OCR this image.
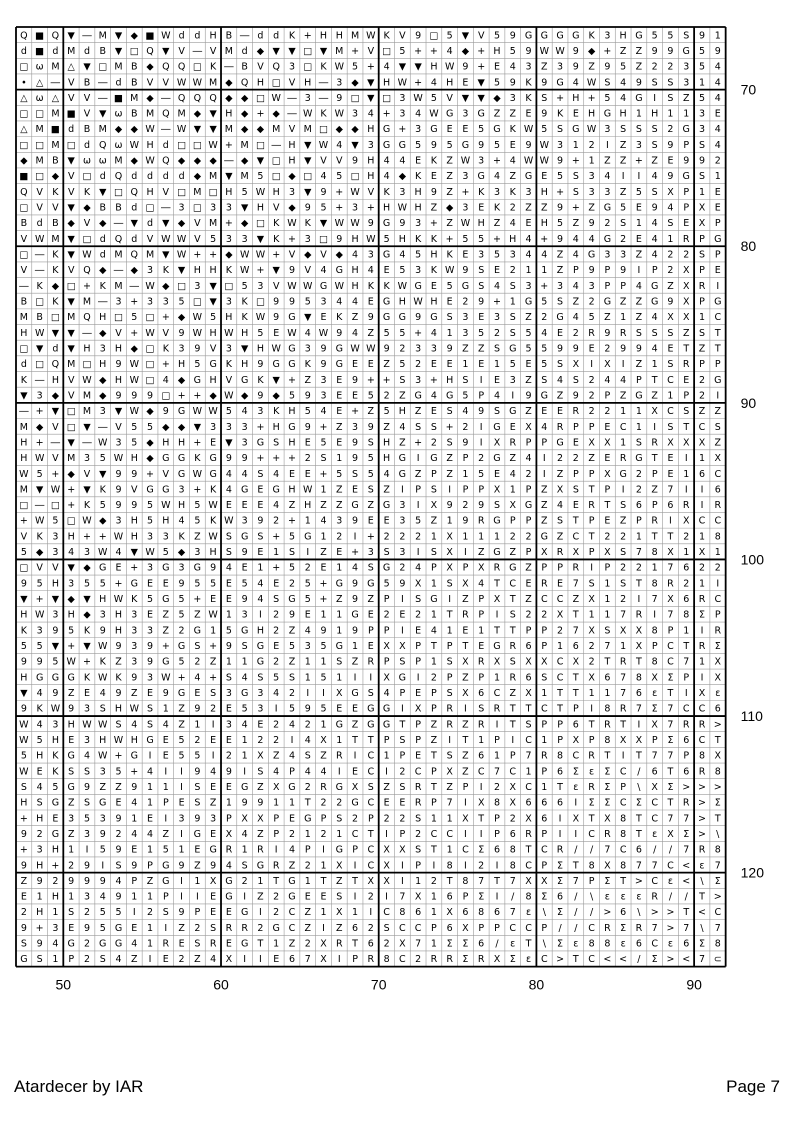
Q ■ Q ▼ ― M ▼ ◆ ■ W d d H B ― d d K + H H M W K V 9 □ 5 ▼ V 5 9 G G G G K 3 H G 5 5 S 9 1
d ■ d M d B ▼ □ Q ▼ V ― V M d ◆ ▼ ▼ □ ▼ M + V □ 5 + + 4 ◆ + H 5 9 W W 9 ◆ + Z Z 9 9 G 5 9
□ ω M △ ▼ □ M B ◆ Q Q □ K ― B V Q 3 □ K W 5 + 4 ▼ ▼ H W 9 + E 4 3 Z 3 9 Z 9 5 Z 2 2 3 5 4
• △ ― V B ― d B V V W W M ◆ Q H □ V H ― 3 ◆ ▼ H W + 4 H E ▼ 5 9 K 9 G 4 W S 4 9 S S 3 1 4
△ ω △ V V ― ■ M ◆ ― Q Q Q ◆ ◆ □ W ― 3 ― 9 □ ▼ □ 3 W 5 V ▼ ▼ ◆ 3 K S + H + 5 4 G I S Z 5 4
□ □ M ■ V ▼ ω B M Q M ◆ ▼ H ◆ + ◆ ― W K W 3 4 + 3 4 W G 3 G Z Z E 9 K E H G H 1 H 1 1 3 E
△ M ■ d B M ◆ ◆ W ― W ▼ ▼ M ◆ ◆ M V M □ ◆ ◆ H G + 3 G E E 5 G K W 5 S G W 3 S S S 2 G 3 4
□ □ M □ d Q ω W H d □ □ W + M □ ― H ▼ W 4 ▼ 3 G G 5 9 5 G 9 5 E 9 W 3 1 2 I Z 3 S 9 P S 4
◆ M B ▼ ω ω M ◆ W Q ◆ ◆ ◆ ― ◆ ▼ □ H ▼ V V 9 H 4 4 E K Z W 3 + 4 W W 9 + 1 Z Z + Z E 9 9 2
■ □ ◆ V □ d Q d d d d ◆ M ▼ M 5 □ ◆ □ 4 5 □ H 4 ◆ K E Z 3 G 4 Z G E 5 S 3 4 I I 4 9 G S 1
Q V K V K ▼ □ Q H V □ M □ H 5 W H 3 ▼ 9 + W V K 3 H 9 Z + K 3 K 3 H + S 3 3 Z 5 S X P 1 E
□ V V ▼ ◆ B B d □ ― 3 □ 3 3 ▼ H V ◆ 9 5 + 3 + H W H Z ◆ 3 E K 2 Z Z 9 + Z G 5 E 9 4 P X E
B d B ◆ V ◆ ― ▼ d ▼ ◆ V M + ◆ □ K W K ▼ W W 9 G 9 3 + Z W H Z 4 E H 5 Z 9 2 S 1 4 S E X P
V W M ▼ □ d Q d V W W V 5 3 3 ▼ K + 3 □ 9 H W 5 H K K + 5 5 + H 4 + 9 4 4 G 2 E 4 1 R P G
□ ― K ▼ W d M Q M ▼ W + + ◆ W W + V ◆ V ◆ 4 3 G 4 5 H K E 3 5 3 4 4 Z 4 G 3 3 Z 4 2 2 S P
V ― K V Q ◆ ― ◆ 3 K ▼ H H K W + ▼ 9 V 4 G H 4 E 5 3 K W 9 S E 2 1 1 Z P 9 P 9 I P 2 X P E
― K ◆ □ + K M ― W ◆ □ 3 ▼ □ 5 3 V W W G W H K K W G E 5 G S 4 S 3 + 3 4 3 P P 4 G Z X R I
B □ K ▼ M ― 3 + 3 3 5 □ ▼ 3 K □ 9 9 5 3 4 4 E G H W H E 2 9 + 1 G 5 S Z 2 G Z Z G 9 X P G
M B □ M Q H □ 5 □ + ◆ W 5 H K W 9 G ▼ E K Z 9 G G 9 G S 3 E 3 S Z 2 G 4 5 Z 1 Z 4 X X 1 C
H W ▼ ▼ ― ◆ V + W V 9 W H W H 5 E W 4 W 9 4 Z 5 5 + 4 1 3 5 2 S 5 4 E 2 R 9 R S S S Z S T
□ ▼ d ▼ H 3 H ◆ □ K 3 9 V 3 ▼ H W G 3 9 G W W 9 2 3 3 9 Z Z S G 5 5 9 9 E 2 9 9 4 E T Z T
d □ Q M □ H 9 W □ + H 5 G K H 9 G G K 9 G E E Z 5 2 E E 1 E 1 5 E 5 S X I X I Z 1 S R P P
K ― H V W ◆ H W □ 4 ◆ G H V G K ▼ + Z 3 E 9 + + S 3 + H S I E 3 Z S 4 S 2 4 4 P T C E 2 G
▼ 3 ◆ V M ◆ 9 9 9 □ + + ◆ W ◆ 9 ◆ 5 9 3 E E 5 2 Z G 4 G 5 P 4 I 9 G Z 9 2 P Z G Z 1 P 2 I
― + ▼ □ M 3 ▼ W ◆ 9 G W W 5 4 3 K H 5 4 E + Z 5 H Z E S 4 9 S G Z E E R 2 2 1 1 X C S Z Z
M ◆ V □ ▼ ― V 5 5 ◆ ◆ ▼ 3 3 3 + H G 9 + Z 3 9 Z 4 S S + 2 I G E X 4 R P P E C 1 I S T C S
H + ― ▼ ― W 3 5 ◆ H H + E ▼ 3 G S H E 5 E 9 S H Z + 2 S 9 I X R P P G E X X 1 S R X X X Z
H W V M 3 5 W H ◆ G G K G 9 9 + + + 2 S 1 9 5 H G I G Z P 2 G Z 4 I 2 2 Z E R G T E I 1 X
W 5 + ◆ V ▼ 9 9 + V G W G 4 4 S 4 E E + 5 S 5 4 G Z P Z 1 5 E 4 2 I Z P P X G 2 P E 1 6 C
M ▼ W + ▼ K 9 V G G 3 + K 4 G E G H W 1 Z E S Z I P S I P P X 1 P Z X S T P I 2 Z 7 I I 6
□ ― □ + K 5 9 9 5 W H 5 W E E E 4 Z H Z Z G Z G 3 I X 9 2 9 S X G Z 4 E R T S 6 P 6 R I R
+ W 5 □ W ◆ 3 H 5 H 4 5 K W 3 9 2 + 1 4 3 9 E E 3 5 Z 1 9 R G P P Z S T P E Z P R I X C C
V K 3 H + + W H 3 3 K Z W S G S + 5 G 1 2 I + 2 2 2 1 X 1 1 1 2 2 G Z C T 2 2 1 T T 2 1 8
5 ◆ 3 4 3 W 4 ▼ W 5 ◆ 3 H S 9 E 1 S I Z E + 3 S 3 I S X I Z G Z P X R X P X S 7 8 X 1 X 1
□ V V ▼ ◆ G E + 3 G 3 G 9 4 E 1 + 5 2 E 1 4 S G 2 4 P X P X R G Z P P R I P 2 2 1 7 6 2 2
9 5 H 3 5 5 + G E E 9 5 5 E 5 4 E 2 5 + G 9 G 5 9 X 1 S X 4 T C E R E 7 S 1 S T 8 R 2 1 I
▼ + ▼ ◆ ▼ H W K 5 G 5 + E E 9 4 S G 5 + Z 9 Z P I S G I Z P X T Z C C Z X 1 2 I 7 X 6 R C
H W 3 H ◆ 3 H 3 E Z 5 Z W 1 3 I 2 9 E 1 1 G E 2 E 2 1 T R P I S 2 2 X T 1 1 7 R I 7 8 Σ P
K 3 9 5 K 9 H 3 3 Z 2 G 1 5 G H 2 Z 4 9 1 9 P P I E 4 1 E 1 T T P P 2 7 X S X X 8 P 1 I R
5 5 ▼ + ▼ W 9 3 9 + G S + 9 S G E 5 3 5 G 1 E X X P T P T E G R 6 P 1 6 2 7 1 X P C T R Σ
9 9 5 W + K Z 3 9 G 5 2 Z 1 1 G 2 Z 1 1 S Z R P S P 1 S X R X S X X C X 2 T R T 8 C 7 1 X
H G G G K W K 9 3 W + 4 + S 4 S 5 S 1 5 1 I I X G I 2 P Z P 1 R 6 S C T X 6 7 8 X Σ P I X
▼ 4 9 Z E 4 9 Z E 9 G E S 3 G 3 4 2 I I X G S 4 P E P S X 6 C Z X 1 T T 1 1 7 6 ε T I X ε
9 K W 9 3 S H W S 1 Z 9 2 E 5 3 I 5 9 5 E E G G I X P R I S R T T C T P I 8 R 7 Σ 7 C C 6
W 4 3 H W W S 4 S 4 Z 1 I 3 4 E 2 4 2 1 G Z G G T P Z R Z R I T S P P 6 T R T I X 7 R R >
W 5 H E 3 H W H G E 5 2 E E 1 2 2 I 4 X 1 T T P S P Z I T 1 P I C 1 P X P 8 X X P Σ 6 C T
5 H K G 4 W + G I E 5 5 I 2 1 X Z 4 S Z R I C 1 P E T S Z 6 1 P 7 R 8 C R T I T 7 7 P 8 X
W E K S S 3 5 + 4 I I 9 4 9 I S 4 P 4 4 I E C I 2 C P X Z C 7 C 1 P 6 Σ ε Σ C / 6 T 6 R 8
S 4 5 G 9 Z Z 9 1 1 I S E E G Z X G 2 R G X S Z S R T Z P I 2 X C 1 T ε R Σ P \ X Σ > > >
H S G Z S G E 4 1 P E S Z 1 9 9 1 1 T 2 2 G C E E R P 7 I X 8 X 6 6 6 I Σ Σ C Σ C T R > Σ
+ H E 3 5 3 9 1 E I 3 9 3 P X X P E G P S 2 P 2 2 S 1 1 X T P 2 X 6 I X T X 8 T C 7 7 > T
9 2 G Z 3 9 2 4 4 Z I G E X 4 Z P 2 1 2 1 C T I P 2 C C I I P 6 R P I I C R 8 T ε X Σ > \
+ 3 H 1 I 5 9 E 1 5 1 E G R 1 R I 4 P I G P C X X S T 1 C Σ 6 8 T C R / / 7 C 6 / / 7 R 8
9 H + 2 9 I S 9 P G 9 Z 9 4 S G R Z 2 1 X I C X I P I 8 I 2 I 8 C P Σ T 8 X 8 7 7 C < ε 7
Z 9 2 9 9 9 4 P Z G I 1 X G 2 1 T G 1 T Z T X X I 1 2 T 8 7 T 7 X X Σ 7 P Σ T > C ε < \ Σ
E 1 H 1 3 4 9 1 1 P I I E G I Z 2 G E E S I 2 I 7 X 1 6 P Σ I / 8 Σ 6 / \ ε ε ε R / / T >
2 H 1 S 2 5 5 I 2 S 9 P E E G I 2 C Z 1 X 1 I C 8 6 1 X 6 8 6 7 ε \ Σ / / > 6 \ > > T < C
9 + 3 E 9 5 G E 1 I Z 2 S R R 2 G C Z I Z 6 2 S C C P 6 X P P C C P / / C R Σ R 7 > 7 \ 7
S 9 4 G 2 G G 4 1 R E S R E G T 1 Z 2 X R T 6 2 X 7 1 Σ Σ 6 / ε T \ Σ ε 8 8 ε 6 C ε 6 Σ 8
G S 1 P 2 S 4 Z I E 2 Z 4 X I I E 6 7 X I P R 8 C 2 R R Σ R X Σ ε C > T C < < / Σ > < 7 ⊂
50	60	70	80	90
70
80
90
100
110
120
Atardecer by IAR	Page 7
